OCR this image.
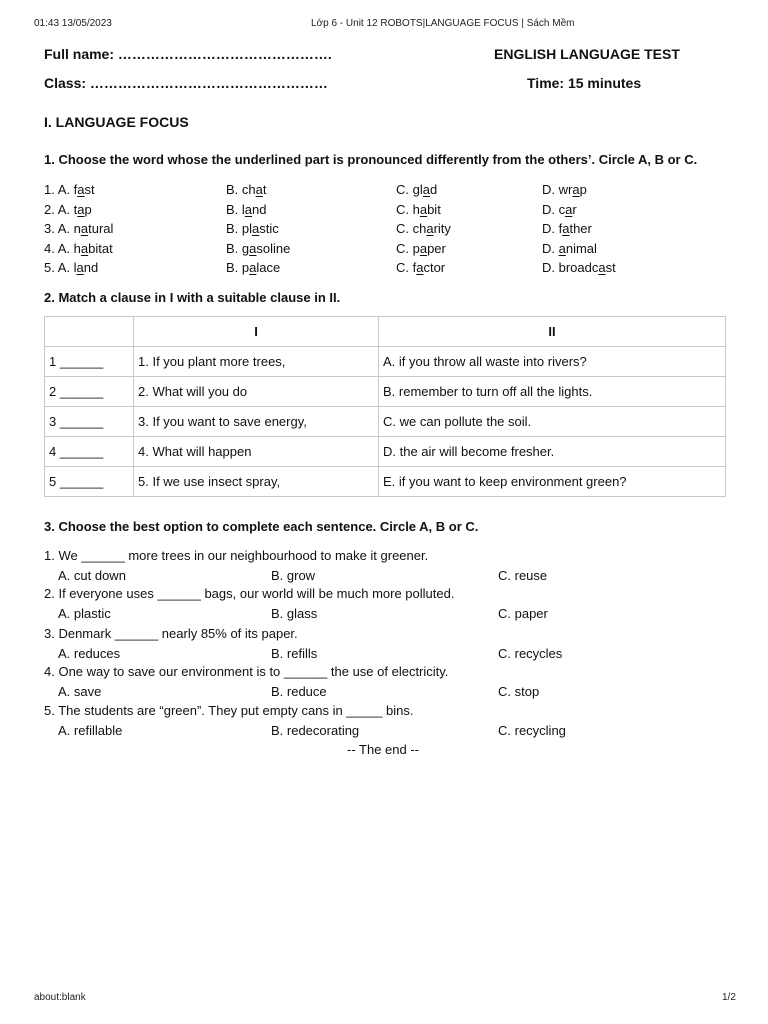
01:43 13/05/2023	Lớp 6 - Unit 12 ROBOTS|LANGUAGE FOCUS | Sách Mềm
Full name: ……………………………………….	ENGLISH LANGUAGE TEST
Class: ……………………………………………	Time: 15 minutes
I. LANGUAGE FOCUS
1. Choose the word whose the underlined part is pronounced differently from the others’. Circle A, B or C.
1. A. fast	B. chat	C. glad	D. wrap
2. A. tap	B. land	C. habit	D. car
3. A. natural	B. plastic	C. charity	D. father
4. A. habitat	B. gasoline	C. paper	D. animal
5. A. land	B. palace	C. factor	D. broadcast
2. Match a clause in I with a suitable clause in II.
	I	II
1 ______	1. If you plant more trees,	A. if you throw all waste into rivers?
2 ______	2. What will you do	B. remember to turn off all the lights.
3 ______	3. If you want to save energy,	C. we can pollute the soil.
4 ______	4. What will happen	D. the air will become fresher.
5 ______	5. If we use insect spray,	E. if you want to keep environment green?
3. Choose the best option to complete each sentence. Circle A, B or C.
1. We ______ more trees in our neighbourhood to make it greener.
A. cut down	B. grow	C. reuse
2. If everyone uses ______ bags, our world will be much more polluted.
A. plastic	B. glass	C. paper
3. Denmark ______ nearly 85% of its paper.
A. reduces	B. refills	C. recycles
4. One way to save our environment is to ______ the use of electricity.
A. save	B. reduce	C. stop
5. The students are “green”. They put empty cans in _____ bins.
A. refillable	B. redecorating	C. recycling
-- The end --
about:blank	1/2
